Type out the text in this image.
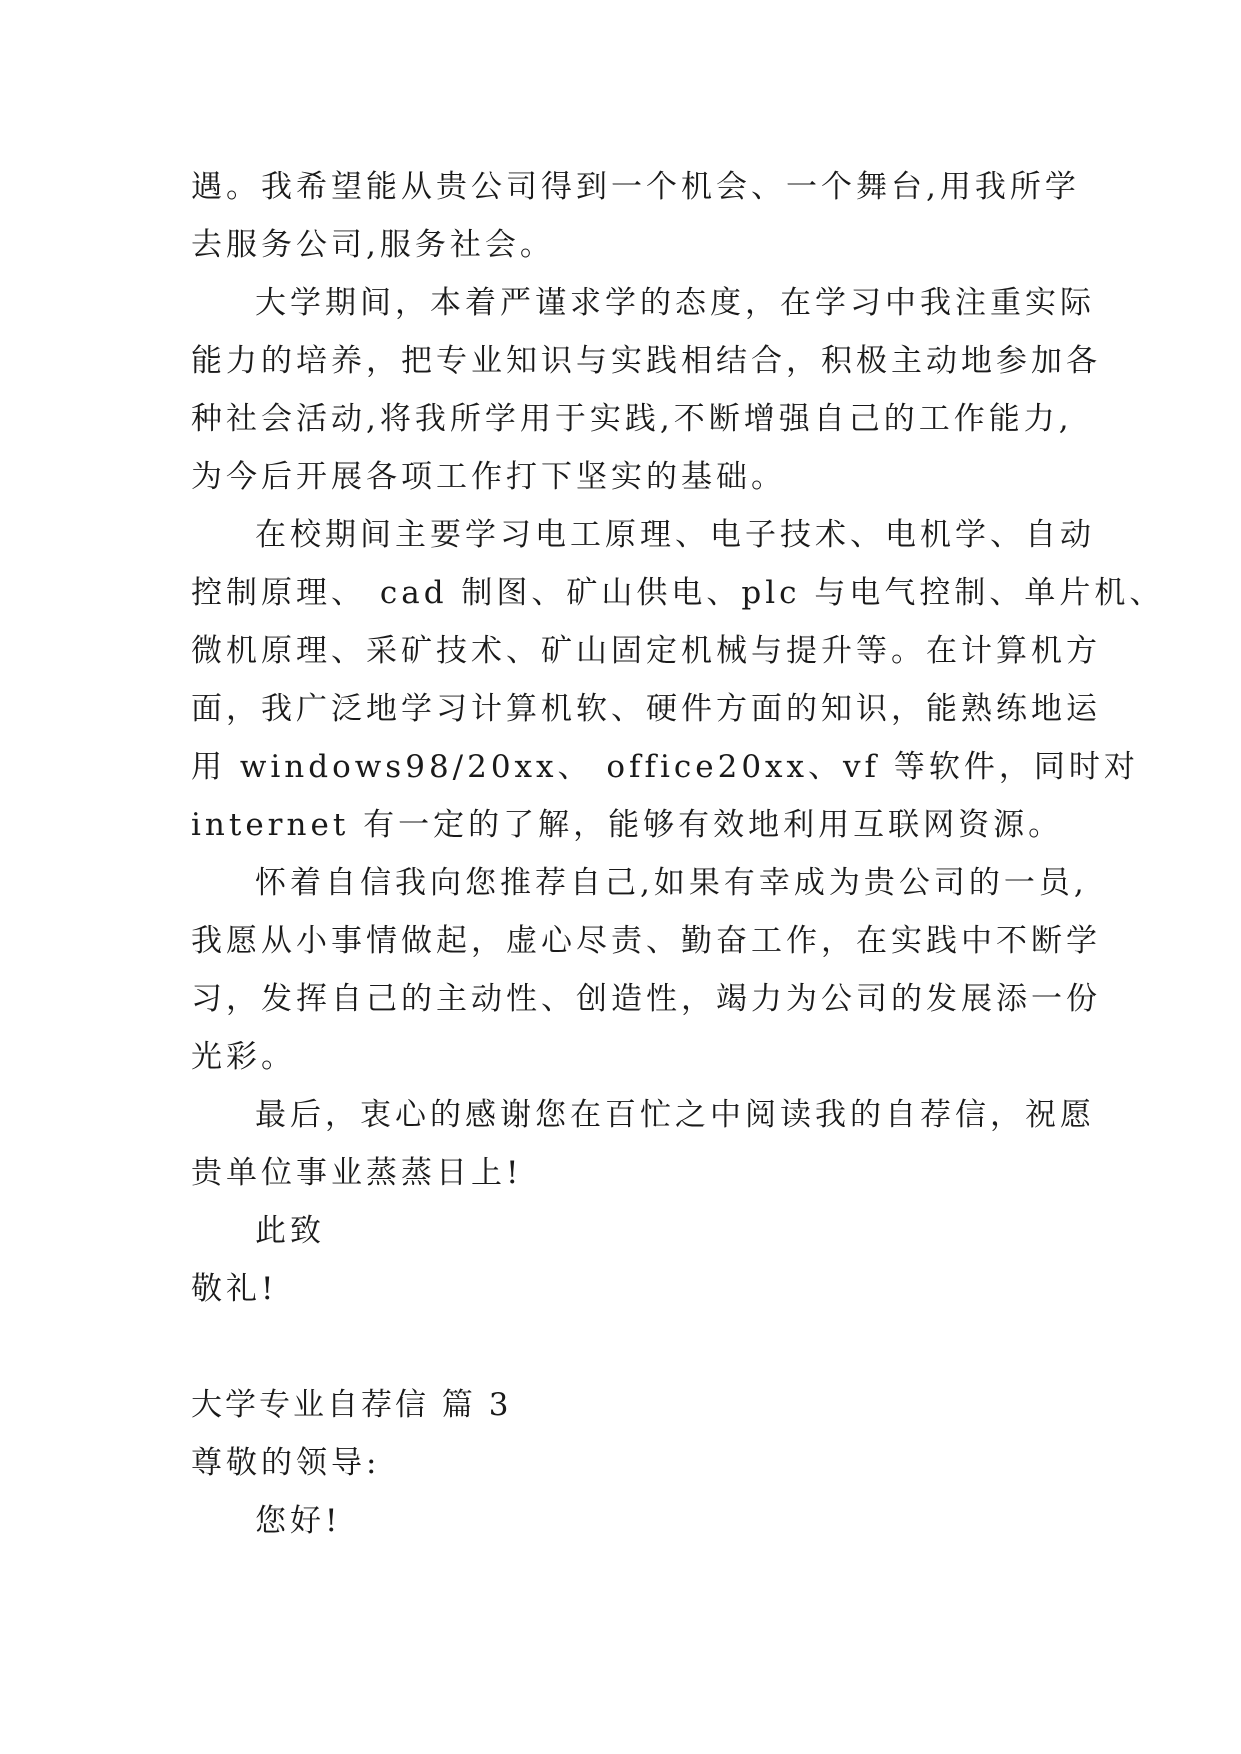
遇。我希望能从贵公司得到一个机会、一个舞台,用我所学
去服务公司,服务社会。
大学期间，本着严谨求学的态度，在学习中我注重实际
能力的培养，把专业知识与实践相结合，积极主动地参加各
种社会活动,将我所学用于实践,不断增强自己的工作能力,
为今后开展各项工作打下坚实的基础。
在校期间主要学习电工原理、电子技术、电机学、自动
控制原理、 cad 制图、矿山供电、plc 与电气控制、单片机、
微机原理、采矿技术、矿山固定机械与提升等。在计算机方
面，我广泛地学习计算机软、硬件方面的知识，能熟练地运
用 windows98/20xx、 office20xx、vf 等软件，同时对
internet 有一定的了解，能够有效地利用互联网资源。
怀着自信我向您推荐自己,如果有幸成为贵公司的一员,
我愿从小事情做起，虚心尽责、勤奋工作，在实践中不断学
习，发挥自己的主动性、创造性，竭力为公司的发展添一份
光彩。
最后，衷心的感谢您在百忙之中阅读我的自荐信，祝愿
贵单位事业蒸蒸日上!
此致
敬礼!
大学专业自荐信 篇 3
尊敬的领导:
您好!
